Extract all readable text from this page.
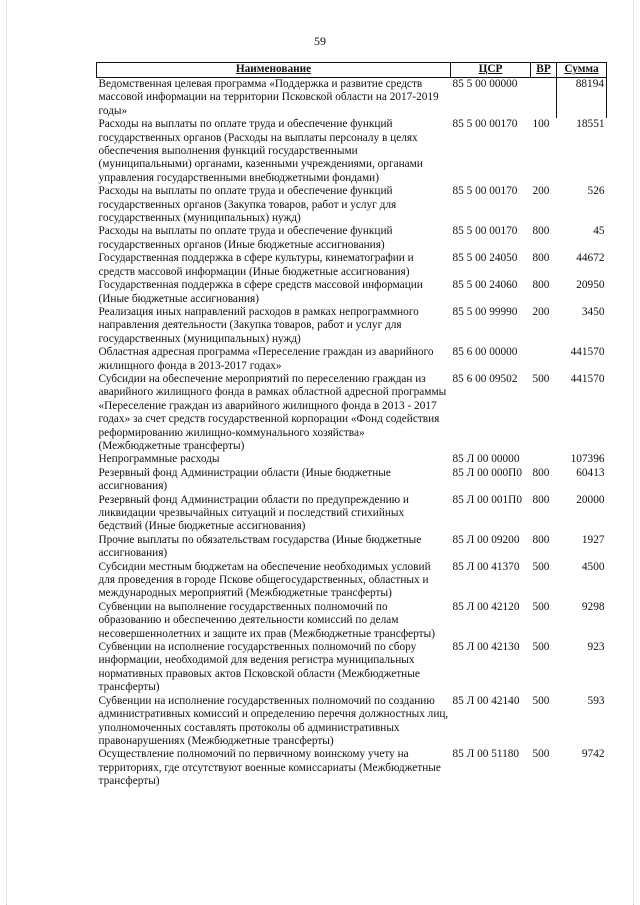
59
Наименование	ЦСР	ВР	Сумма
Ведомственная целевая программа «Поддержка и развитие средств массовой информации на территории Псковской области на 2017-2019 годы»	85 5 00 00000		88194
Расходы на выплаты по оплате труда и обеспечение функций государственных органов (Расходы на выплаты персоналу в целях обеспечения выполнения функций государственными (муниципальными) органами, казенными учреждениями, органами управления государственными внебюджетными фондами)	85 5 00 00170	100	18551
Расходы на выплаты по оплате труда и обеспечение функций государственных органов (Закупка товаров, работ и услуг для государственных (муниципальных) нужд)	85 5 00 00170	200	526
Расходы на выплаты по оплате труда и обеспечение функций государственных органов (Иные бюджетные ассигнования)	85 5 00 00170	800	45
Государственная поддержка в сфере культуры, кинематографии и средств массовой информации (Иные бюджетные ассигнования)	85 5 00 24050	800	44672
Государственная поддержка в сфере средств массовой информации (Иные бюджетные ассигнования)	85 5 00 24060	800	20950
Реализация иных направлений расходов в рамках непрограммного направления деятельности (Закупка товаров, работ и услуг для государственных (муниципальных) нужд)	85 5 00 99990	200	3450
Областная адресная программа «Переселение граждан из аварийного жилищного фонда в 2013-2017 годах»	85 6 00 00000		441570
Субсидии на обеспечение мероприятий по переселению граждан из аварийного жилищного фонда в рамках областной адресной программы «Переселение граждан из аварийного жилищного фонда в 2013 - 2017 годах» за счет средств государственной корпорации «Фонд содействия реформированию жилищно-коммунального хозяйства» (Межбюджетные трансферты)	85 6 00 09502	500	441570
Непрограммные расходы	85 Л 00 00000		107396
Резервный фонд Администрации области (Иные бюджетные ассигнования)	85 Л 00 000П0	800	60413
Резервный фонд Администрации области по предупреждению и ликвидации чрезвычайных ситуаций и последствий стихийных бедствий (Иные бюджетные ассигнования)	85 Л 00 001П0	800	20000
Прочие выплаты по обязательствам государства (Иные бюджетные ассигнования)	85 Л 00 09200	800	1927
Субсидии местным бюджетам на обеспечение необходимых условий для проведения в городе Пскове общегосударственных, областных и международных мероприятий (Межбюджетные трансферты)	85 Л 00 41370	500	4500
Субвенции на выполнение государственных полномочий по образованию и обеспечению деятельности комиссий по делам несовершеннолетних и защите их прав (Межбюджетные трансферты)	85 Л 00 42120	500	9298
Субвенции на исполнение государственных полномочий по сбору информации, необходимой для ведения регистра муниципальных нормативных правовых актов Псковской области (Межбюджетные трансферты)	85 Л 00 42130	500	923
Субвенции на исполнение государственных полномочий по созданию административных комиссий и определению перечня должностных лиц, уполномоченных составлять протоколы об административных правонарушениях (Межбюджетные трансферты)	85 Л 00 42140	500	593
Осуществление полномочий по первичному воинскому учету на территориях, где отсутствуют военные комиссариаты (Межбюджетные трансферты)	85 Л 00 51180	500	9742
